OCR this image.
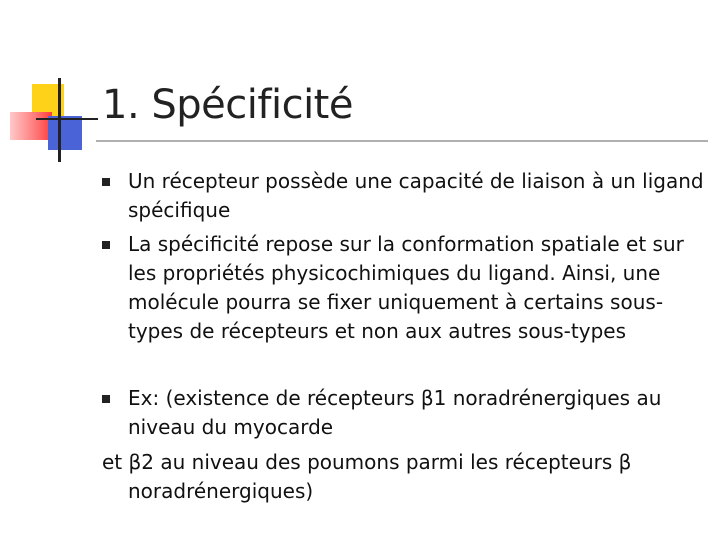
1. Spécificité
Un récepteur possède une capacité de liaison à un ligand spécifique
La spécificité repose sur la conformation spatiale et sur les propriétés physicochimiques du ligand. Ainsi, une molécule pourra se fixer uniquement à certains sous-types de récepteurs et non aux autres sous-types
Ex: (existence de récepteurs β1 noradrénergiques au niveau du myocarde
et β2 au niveau des poumons parmi les récepteurs β
noradrénergiques)
